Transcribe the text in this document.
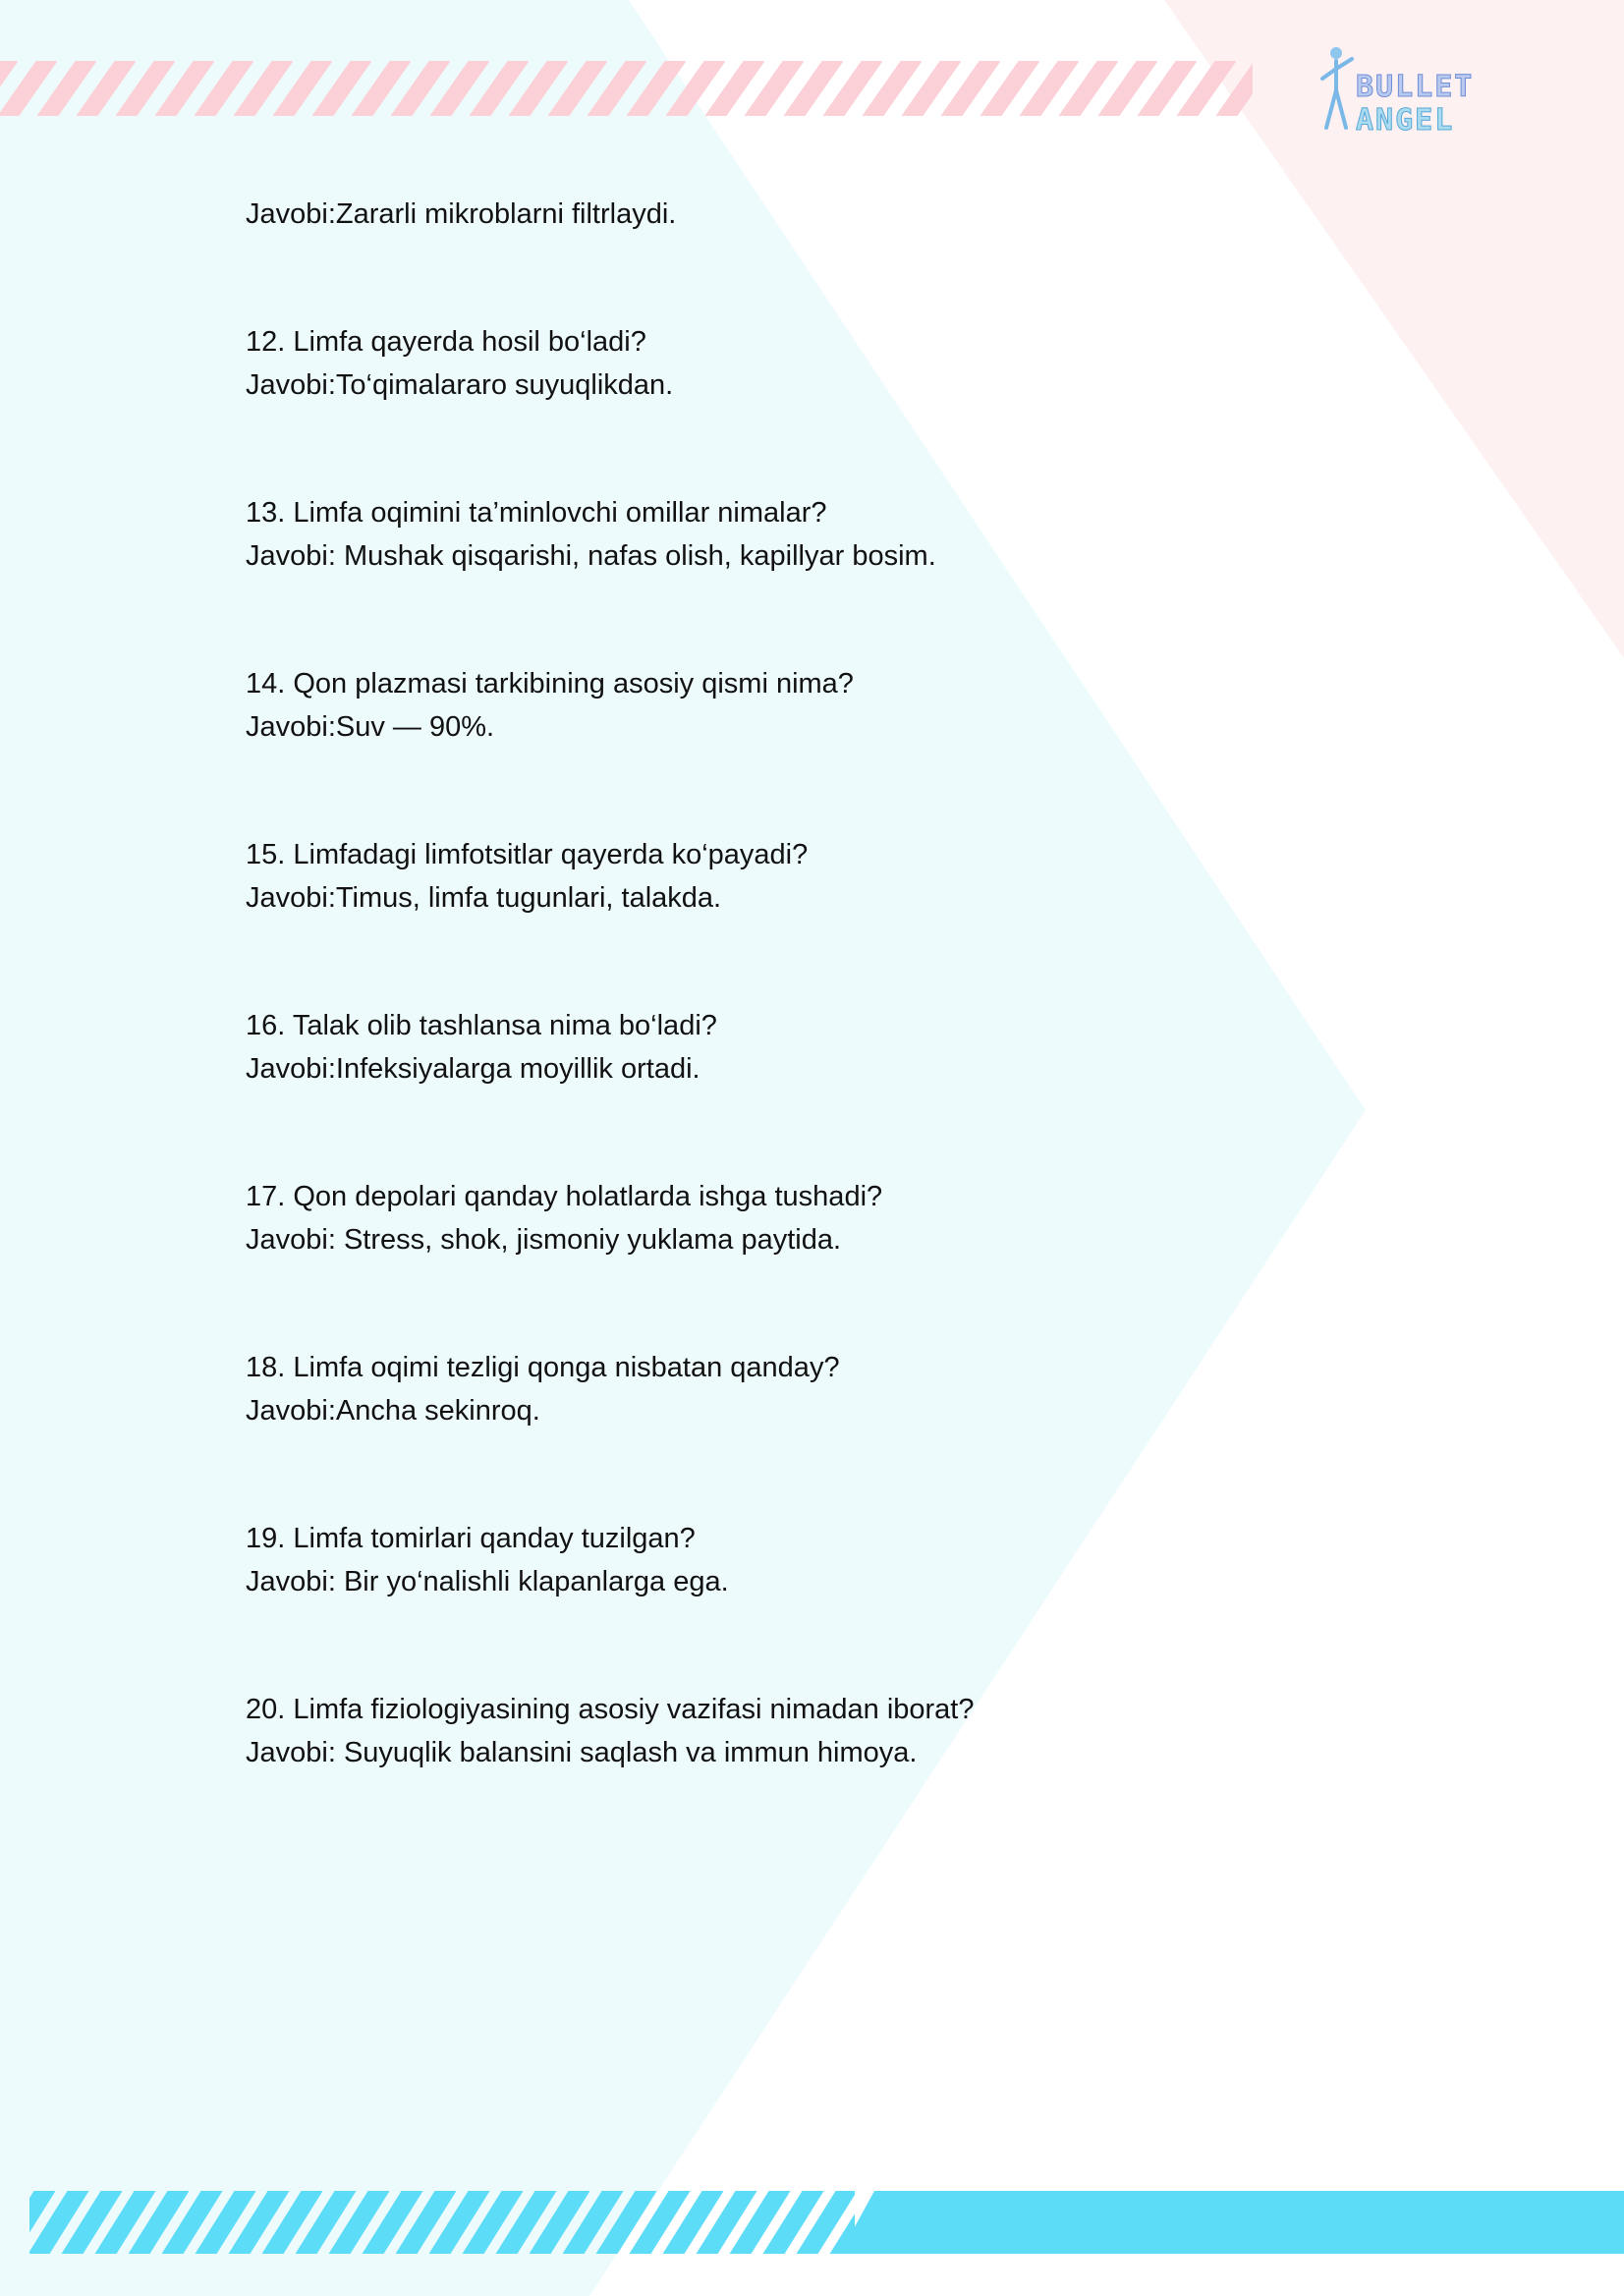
BULLET
ANGEL

Javobi:Zararli mikroblarni filtrlaydi.

12. Limfa qayerda hosil bo‘ladi?

Javobi:To‘qimalararo suyuqlikdan.

13. Limfa oqimini ta’minlovchi omillar nimalar?

Javobi: Mushak qisqarishi, nafas olish, kapillyar bosim.

14. Qon plazmasi tarkibining asosiy qismi nima?

Javobi:Suv — 90%.

15. Limfadagi limfotsitlar qayerda ko‘payadi?

Javobi:Timus, limfa tugunlari, talakda.

16. Talak olib tashlansa nima bo‘ladi?

Javobi:Infeksiyalarga moyillik ortadi.

17. Qon depolari qanday holatlarda ishga tushadi?

Javobi: Stress, shok, jismoniy yuklama paytida.

18. Limfa oqimi tezligi qonga nisbatan qanday?

Javobi:Ancha sekinroq.

19. Limfa tomirlari qanday tuzilgan?

Javobi: Bir yo‘nalishli klapanlarga ega.

20. Limfa fiziologiyasining asosiy vazifasi nimadan iborat?

Javobi: Suyuqlik balansini saqlash va immun himoya.
